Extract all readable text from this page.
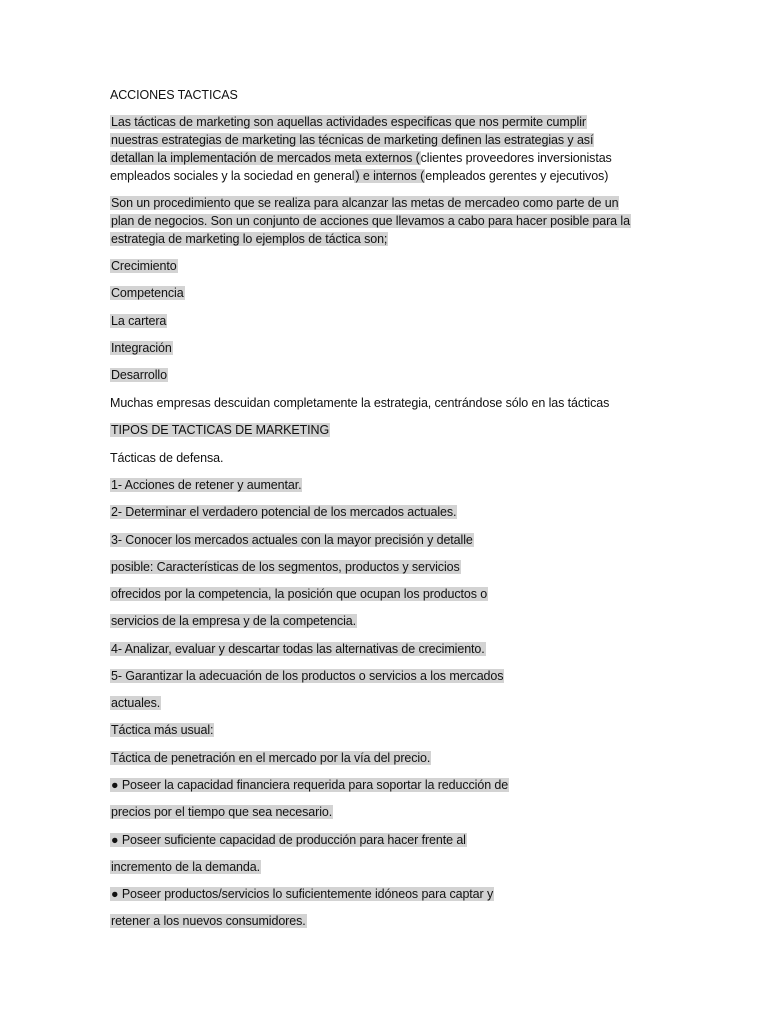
ACCIONES TACTICAS
Las tácticas de marketing son aquellas actividades especificas que nos permite cumplir
nuestras estrategias de marketing las técnicas de marketing definen las estrategias y así
detallan la implementación de mercados meta externos (clientes proveedores inversionistas
empleados sociales y la sociedad en general) e internos (empleados gerentes y ejecutivos)
Son un procedimiento que se realiza para alcanzar las metas de mercadeo como parte de un
plan de negocios. Son un conjunto de acciones que llevamos a cabo para hacer posible para la
estrategia de marketing lo ejemplos de táctica son;
Crecimiento
Competencia
La cartera
Integración
Desarrollo
Muchas empresas descuidan completamente la estrategia, centrándose sólo en las tácticas
TIPOS DE TACTICAS DE MARKETING
Tácticas de defensa.
1- Acciones de retener y aumentar.
2- Determinar el verdadero potencial de los mercados actuales.
3- Conocer los mercados actuales con la mayor precisión y detalle
posible: Características de los segmentos, productos y servicios
ofrecidos por la competencia, la posición que ocupan los productos o
servicios de la empresa y de la competencia.
4- Analizar, evaluar y descartar todas las alternativas de crecimiento.
5- Garantizar la adecuación de los productos o servicios a los mercados
actuales.
Táctica más usual:
Táctica de penetración en el mercado por la vía del precio.
● Poseer la capacidad financiera requerida para soportar la reducción de
precios por el tiempo que sea necesario.
● Poseer suficiente capacidad de producción para hacer frente al
incremento de la demanda.
● Poseer productos/servicios lo suficientemente idóneos para captar y
retener a los nuevos consumidores.
